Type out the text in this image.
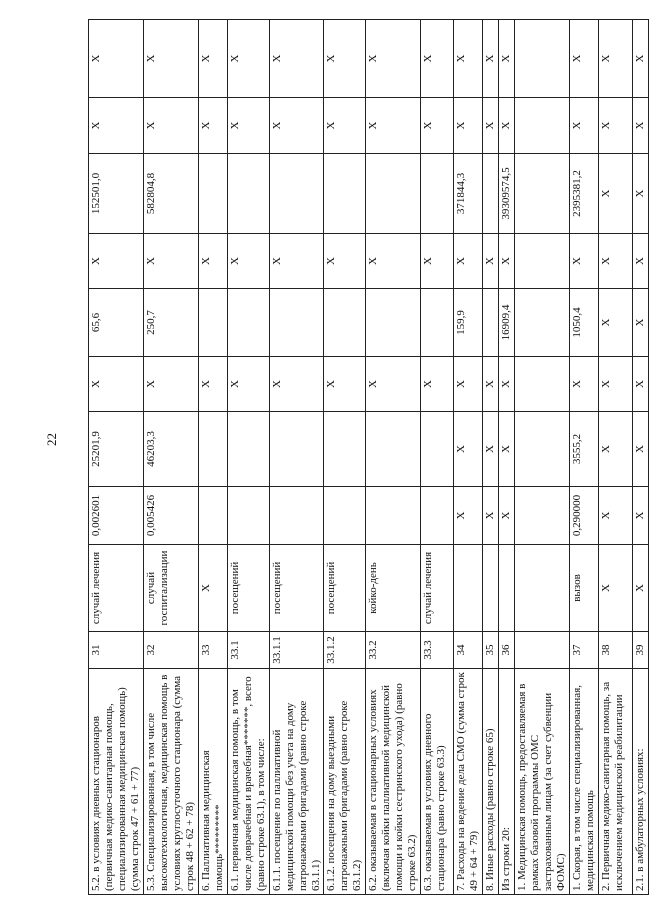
22
5.2. в условиях дневных стационаров (первичная медико-санитарная помощь, специализированная медицинская помощь) (сумма строк 47 + 61 + 77)	31	случай лечения	0,002601	25201,9	X	65,6	X	152501,0	X	X
5.3. Специализированная, в том числе высокотехнологичная, медицинская помощь в условиях круглосуточного стационара (сумма строк 48 + 62 + 78)	32	случай госпитализации	0,005426	46203,3	X	250,7	X	582804,8	X	X
6. Паллиативная медицинская помощь*********	33	X			X		X		X	X
6.1. первичная медицинская помощь, в том числе доврачебная и врачебная*******, всего (равно строке 63.1), в том числе:	33.1	посещений			X		X		X	X
6.1.1. посещение по паллиативной медицинской помощи без учета на дому патронажными бригадами (равно строке 63.1.1)	33.1.1	посещений			X		X		X	X
6.1.2. посещения на дому выездными патронажными бригадами (равно строке 63.1.2)	33.1.2	посещений			X		X		X	X
6.2. оказываемая в стационарных условиях (включая койки паллиативной медицинской помощи и койки сестринского ухода) (равно строке 63.2)	33.2	койко-день			X		X		X	X
6.3. оказываемая в условиях дневного стационара (равно строке 63.3)	33.3	случай лечения			X		X		X	X
7. Расходы на ведение дела СМО (сумма строк 49 + 64 + 79)	34		X	X	X	159,9	X	371844,3	X	X
8. Иные расходы (равно строке 65)	35		X	X	X		X		X	X
Из строки 20:	36		X	X	X	16909,4	X	39309574,5	X	X
1. Медицинская помощь, предоставляемая в рамках базовой программы ОМС застрахованным лицам (за счет субвенции ФОМС)										
1. Скорая, в том числе специализированная, медицинская помощь	37	вызов	0,290000	3555,2	X	1050,4	X	2395381,2	X	X
2. Первичная медико-санитарная помощь, за исключением медицинской реабилитации	38	X	X	X	X	X	X	X	X	X
2.1. в амбулаторных условиях:	39	X	X	X	X	X	X	X	X	X
